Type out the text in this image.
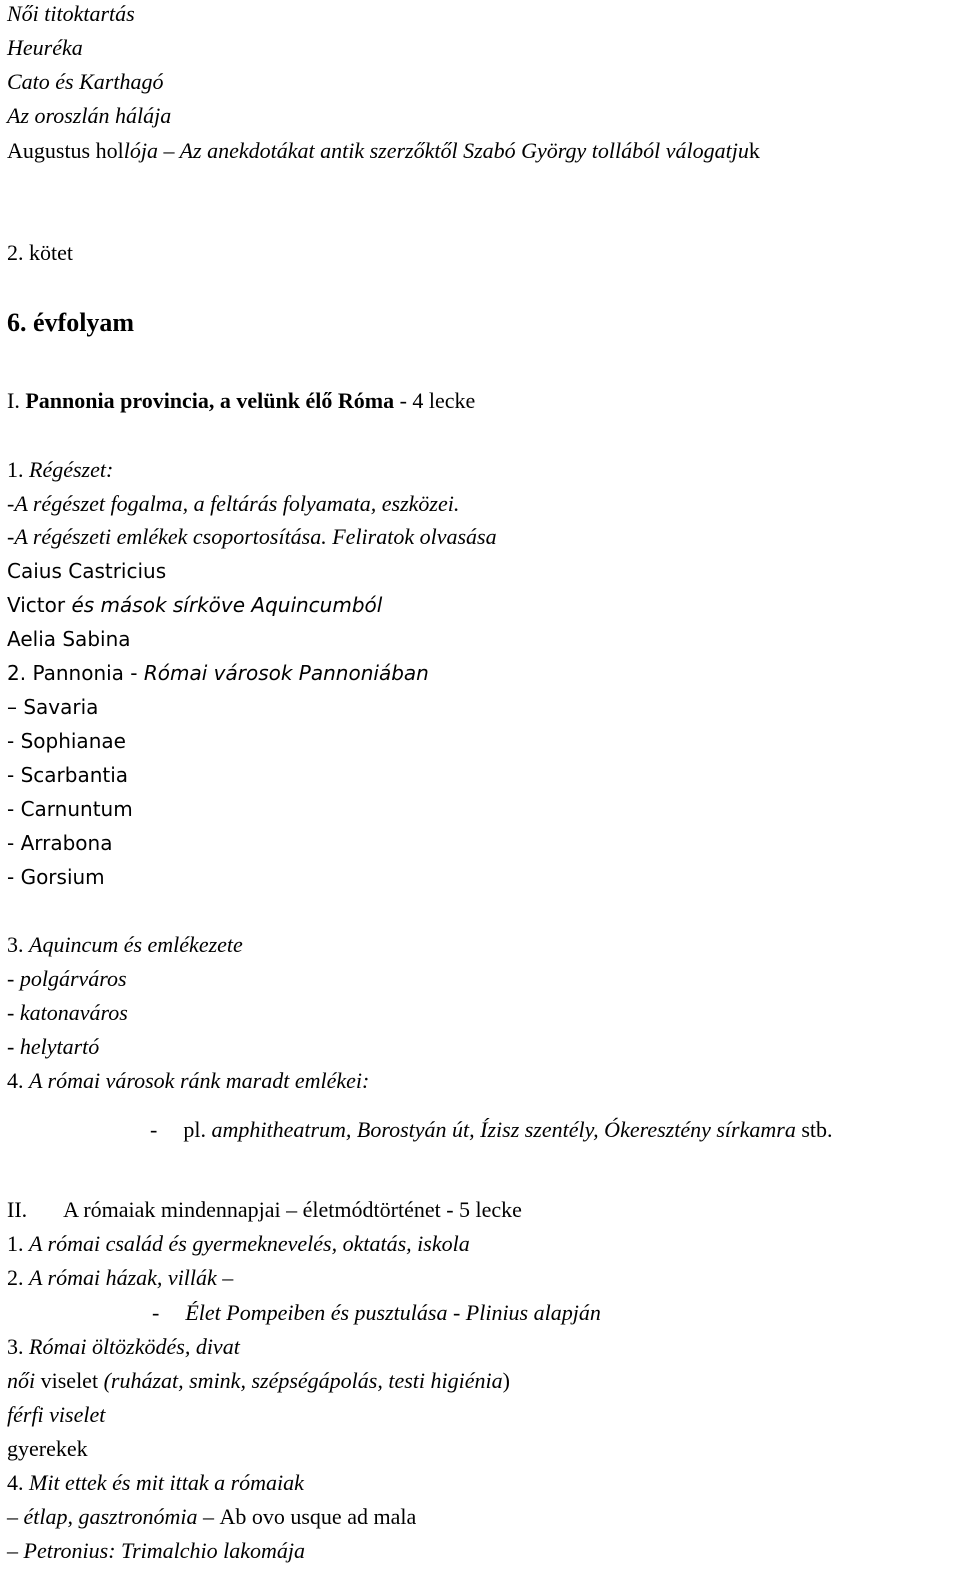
Női titoktartás
Heuréka
Cato és Karthagó
Az oroszlán hálája
Augustus hollója – Az anekdotákat antik szerzőktől Szabó György tollából válogatjuk
2. kötet
6. évfolyam
I. Pannonia provincia, a velünk élő Róma - 4 lecke
1. Régészet:
-A régészet fogalma, a feltárás folyamata, eszközei.
-A régészeti emlékek csoportosítása. Feliratok olvasása
Caius Castricius
Victor és mások sírköve Aquincumból
Aelia Sabina
2. Pannonia - Római városok Pannoniában
– Savaria
- Sophianae
- Scarbantia
- Carnuntum
- Arrabona
- Gorsium
3. Aquincum és emlékezete
- polgárváros
- katonaváros
- helytartó
4. A római városok ránk maradt emlékei:
- pl. amphitheatrum, Borostyán út, Ízisz szentély, Ókeresztény sírkamra stb.
II. A rómaiak mindennapjai – életmódtörténet - 5 lecke
1. A római család és gyermeknevelés, oktatás, iskola
2. A római házak, villák –
- Élet Pompeiben és pusztulása - Plinius alapján
3. Római öltözködés, divat
női viselet (ruházat, smink, szépségápolás, testi higiénia)
férfi viselet
gyerekek
4. Mit ettek és mit ittak a rómaiak
– étlap, gasztronómia – Ab ovo usque ad mala
– Petronius: Trimalchio lakomája
